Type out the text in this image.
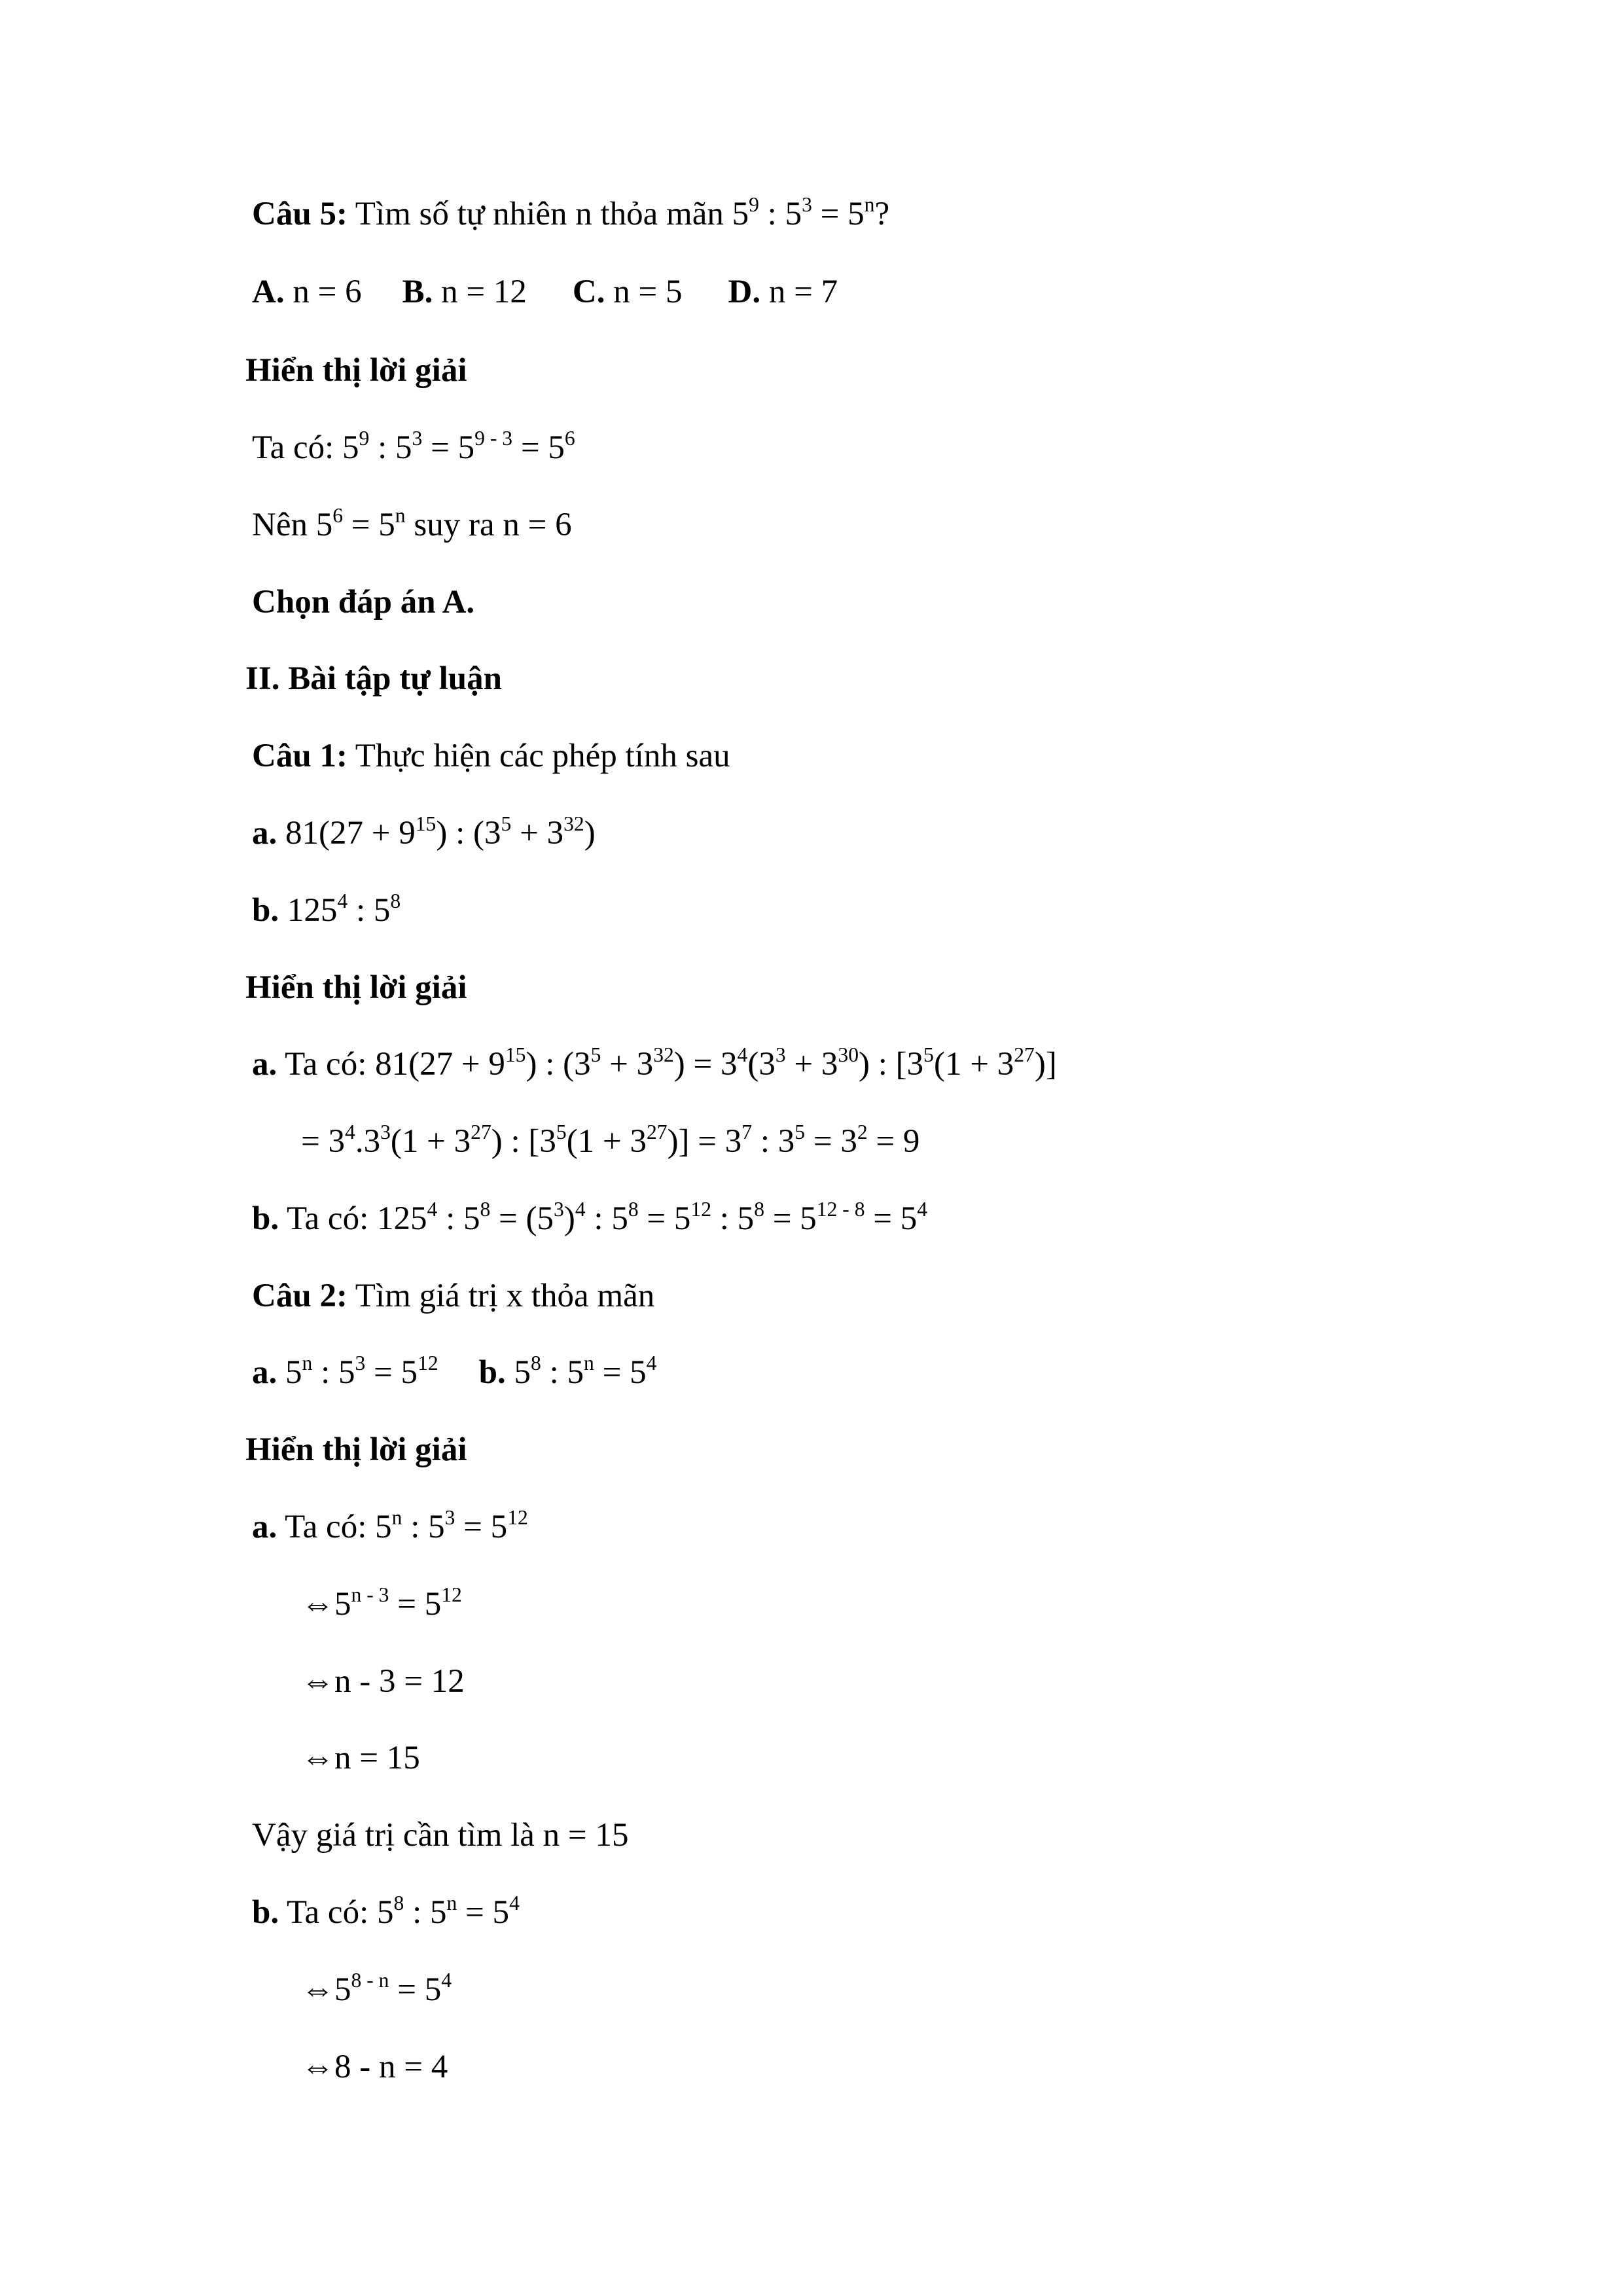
Câu 5: Tìm số tự nhiên n thỏa mãn $5^9$ : $5^3 = 5^n$?
A. n = 6 B. n = 12 C. n = 5 D. n = 7
Hiển thị lời giải
Ta có: $5^9$ : $5^3 = 5^{9 - 3} = 5^6$
Nên $5^6 = 5^n$ suy ra n = 6
Chọn đáp án A.
II. Bài tập tự luận
Câu 1: Thực hiện các phép tính sau
a. $81(27 + 9^{15})$ : $(3^5 + 3^{32})$
b. $125^4$ : $5^8$
Hiển thị lời giải
a. Ta có: $81(27 + 9^{15})$ : $(3^5 + 3^{32}) = 3^4(3^3 + 3^{30})$ : $[3^5(1 + 3^{27})]$
= $3^4.3^3(1 + 3^{27})$ : $[3^5(1 + 3^{27})] = 3^7$ : $3^5 = 3^2 = 9$
b. Ta có: $125^4$ : $5^8 = (5^3)^4$ : $5^8 = 5^{12}$ : $5^8 = 5^{12 - 8} = 5^4$
Câu 2: Tìm giá trị x thỏa mãn
a. 5$^n$ : $5^3 = 5^{12}$ b. $5^8$ : $5^n = 5^4$
Hiển thị lời giải
a. Ta có: 5$^n$ : $5^3 = 5^{12}$
$\Leftrightarrow 5^{n - 3} = 5^{12}$
⇔n - 3 = 12
⇔n = 15
Vậy giá trị cần tìm là n = 15
b. Ta có: $5^8$ : $5^n = 5^4$
$\Leftrightarrow 5^{8 - n} = 5^4$
⇔8 - n = 4
